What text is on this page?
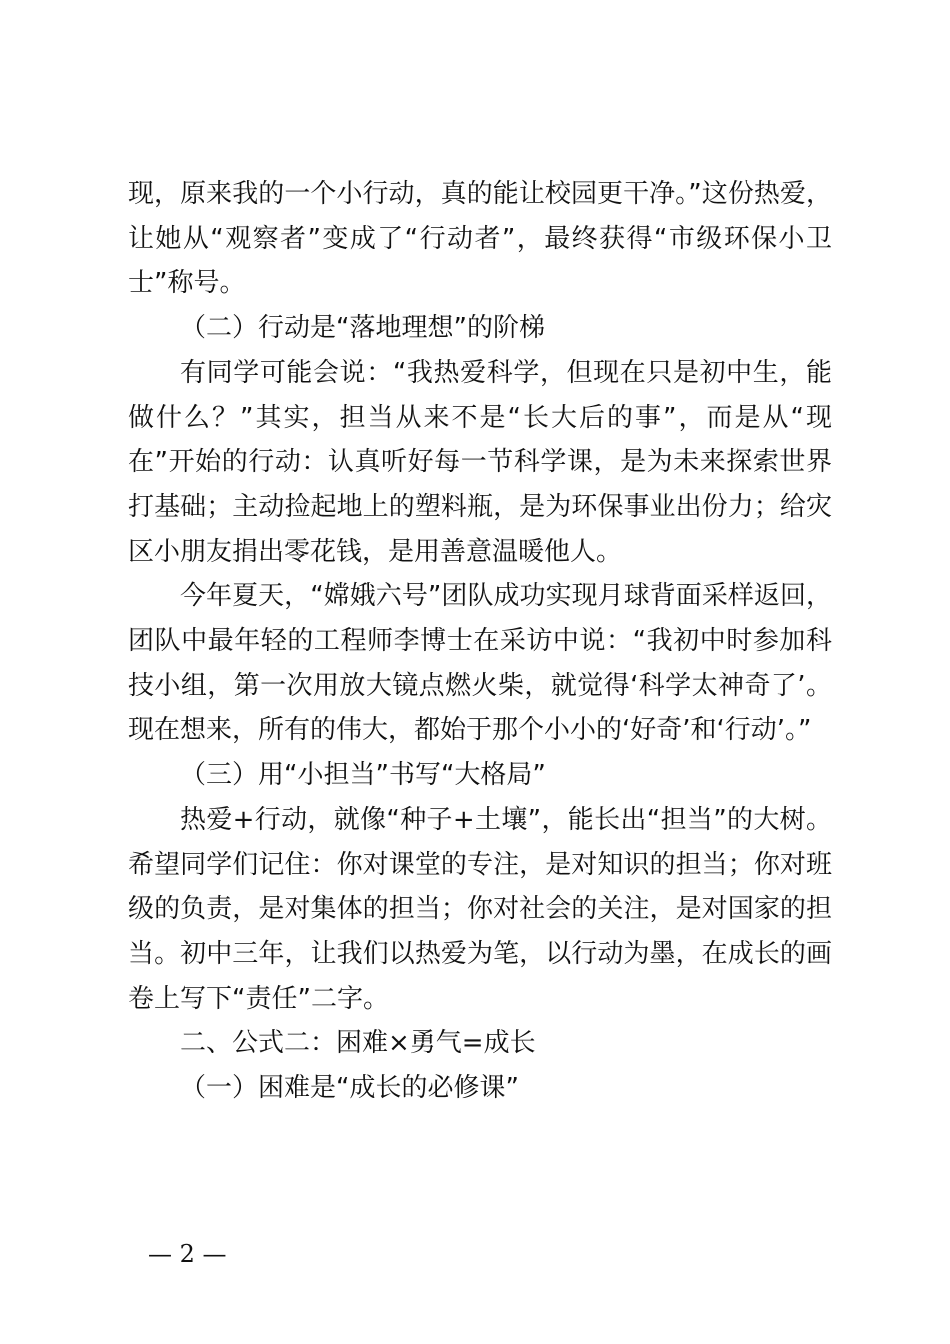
现，原来我的一个小行动，真的能让校园更干净。”这份热爱，让她从“观察者”变成了“行动者”，最终获得“市级环保小卫士”称号。

（二）行动是“落地理想”的阶梯

有同学可能会说：“我热爱科学，但现在只是初中生，能做什么？”其实，担当从来不是“长大后的事”，而是从“现在”开始的行动：认真听好每一节科学课，是为未来探索世界打基础；主动捡起地上的塑料瓶，是为环保事业出份力；给灾区小朋友捐出零花钱，是用善意温暖他人。

今年夏天，“嫦娥六号”团队成功实现月球背面采样返回，团队中最年轻的工程师李博士在采访中说：“我初中时参加科技小组，第一次用放大镜点燃火柴，就觉得‘科学太神奇了’。现在想来，所有的伟大，都始于那个小小的‘好奇’和‘行动’。”

（三）用“小担当”书写“大格局”

热爱+行动，就像“种子+土壤”，能长出“担当”的大树。希望同学们记住：你对课堂的专注，是对知识的担当；你对班级的负责，是对集体的担当；你对社会的关注，是对国家的担当。初中三年，让我们以热爱为笔，以行动为墨，在成长的画卷上写下“责任”二字。

二、公式二：困难×勇气=成长

（一）困难是“成长的必修课”

— 2 —
